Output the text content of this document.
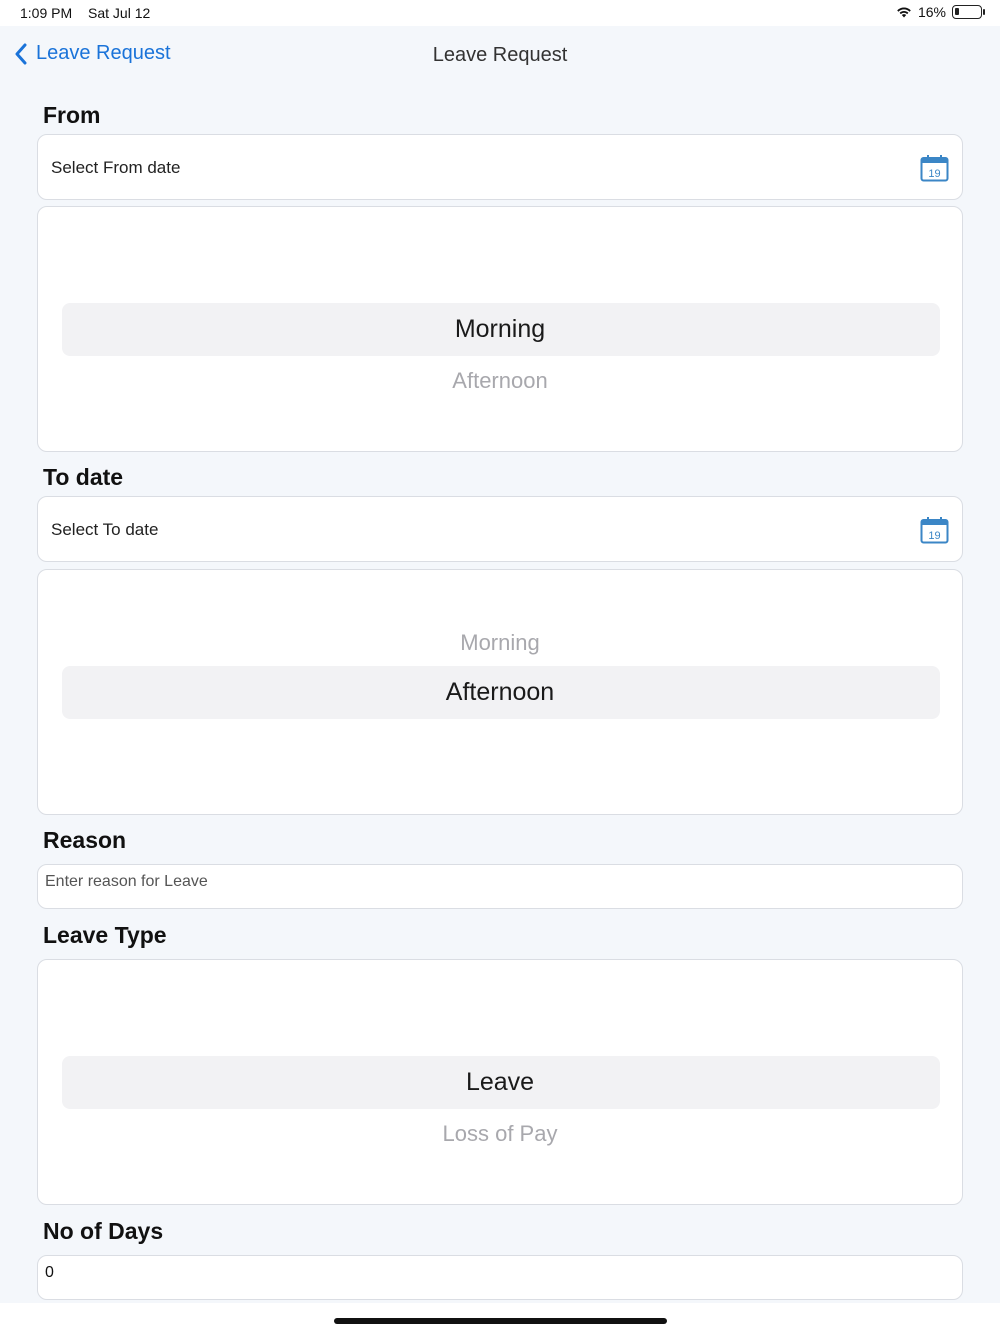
1:09 PM Sat Jul 12	16%
Leave Request	Leave Request
From
Select From date	19
Morning
Afternoon
To date
Select To date	19
Morning
Afternoon
Reason
Enter reason for Leave
Leave Type
Leave
Loss of Pay
No of Days
0
